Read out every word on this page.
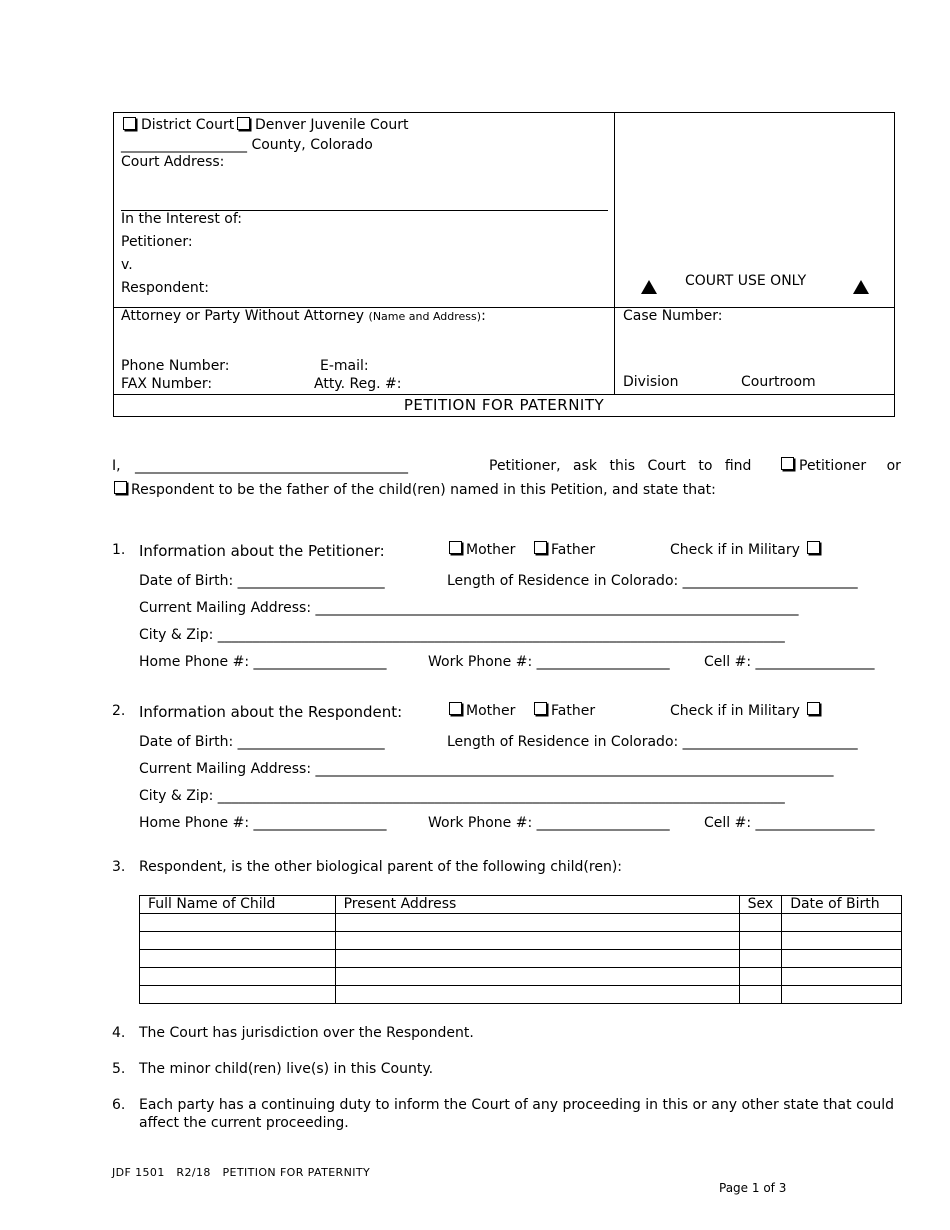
District Court Denver Juvenile Court
__________________ County, Colorado
Court Address:
In the Interest of:
Petitioner:
v.
Respondent:	COURT USE ONLY
Attorney or Party Without Attorney (Name and Address):
Phone Number:	E-mail:
FAX Number:	Atty. Reg. #:
Case Number:
Division	Courtroom
PETITION FOR PATERNITY
I, _______________________________________	Petitioner, ask this Court to find	Petitioner or
Respondent to be the father of the child(ren) named in this Petition, and state that:
1. Information about the Petitioner:	Mother	Father	Check if in Military
Date of Birth: _____________________	Length of Residence in Colorado: _________________________
Current Mailing Address: _____________________________________________________________________
City & Zip: _________________________________________________________________________________
Home Phone #: ___________________	Work Phone #: ___________________ Cell #: _________________
2. Information about the Respondent:	Mother	Father	Check if in Military
Date of Birth: _____________________	Length of Residence in Colorado: _________________________
Current Mailing Address: __________________________________________________________________________
City & Zip: _________________________________________________________________________________
Home Phone #: ___________________	Work Phone #: ___________________ Cell #: _________________
3. Respondent, is the other biological parent of the following child(ren):
Full Name of Child	Present Address	Sex	Date of Birth

4. The Court has jurisdiction over the Respondent.
5. The minor child(ren) live(s) in this County.
6. Each party has a continuing duty to inform the Court of any proceeding in this or any other state that could
affect the current proceeding.
JDF 1501   R2/18   PETITION FOR PATERNITY
Page 1 of 3
